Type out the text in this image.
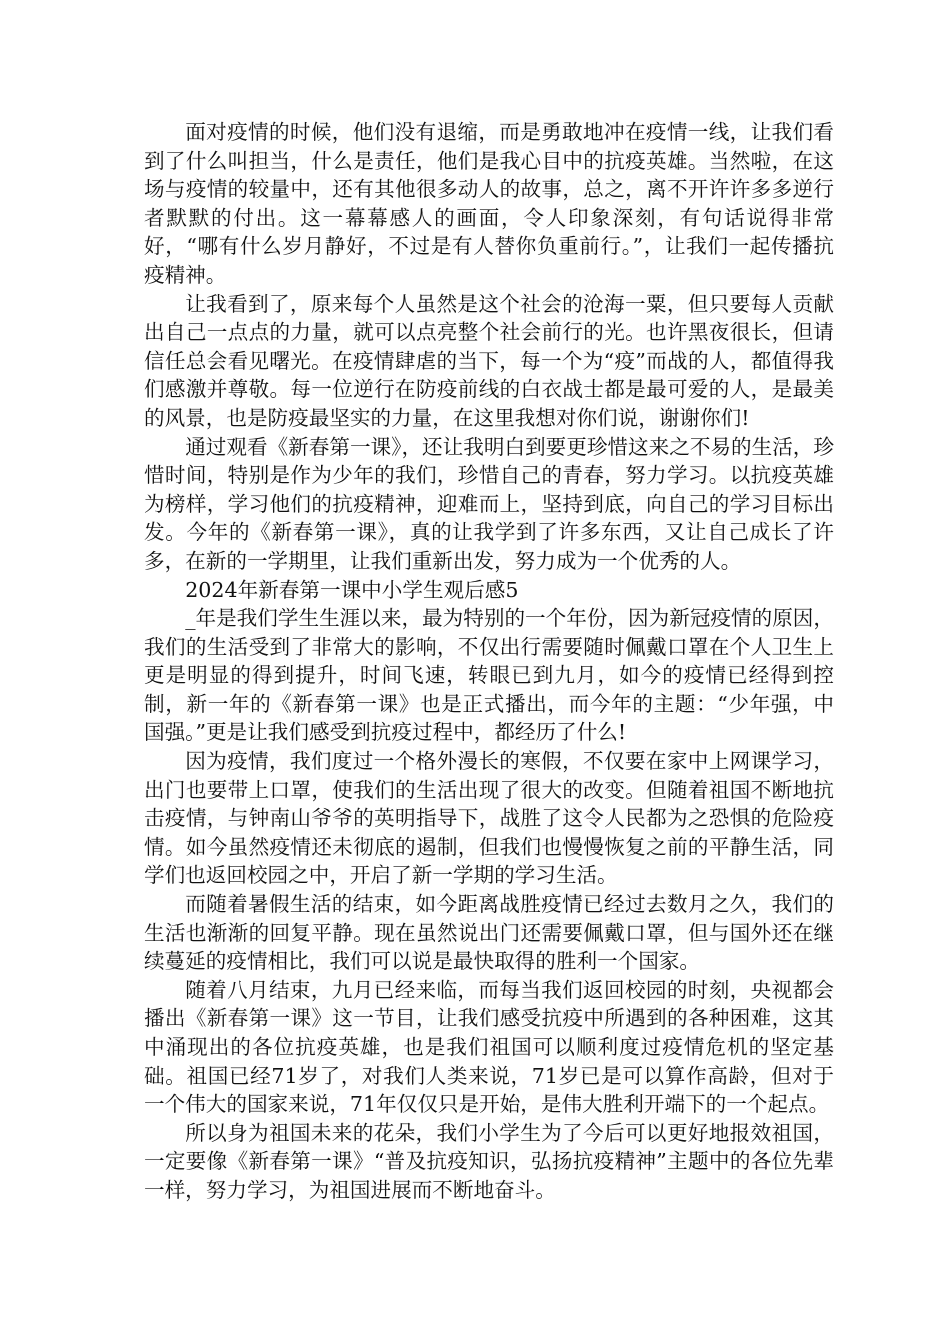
面对疫情的时候，他们没有退缩，而是勇敢地冲在疫情一线，让我们看到了什么叫担当，什么是责任，他们是我心目中的抗疫英雄。当然啦，在这场与疫情的较量中，还有其他很多动人的故事，总之，离不开许许多多逆行者默默的付出。这一幕幕感人的画面，令人印象深刻，有句话说得非常好，“哪有什么岁月静好，不过是有人替你负重前行。”，让我们一起传播抗疫精神。

让我看到了，原来每个人虽然是这个社会的沧海一粟，但只要每人贡献出自己一点点的力量，就可以点亮整个社会前行的光。也许黑夜很长，但请信任总会看见曙光。在疫情肆虐的当下，每一个为“疫”而战的人，都值得我们感激并尊敬。每一位逆行在防疫前线的白衣战士都是最可爱的人，是最美的风景，也是防疫最坚实的力量，在这里我想对你们说，谢谢你们!

通过观看《新春第一课》，还让我明白到要更珍惜这来之不易的生活，珍惜时间，特别是作为少年的我们，珍惜自己的青春，努力学习。以抗疫英雄为榜样，学习他们的抗疫精神，迎难而上，坚持到底，向自己的学习目标出发。今年的《新春第一课》，真的让我学到了许多东西，又让自己成长了许多，在新的一学期里，让我们重新出发，努力成为一个优秀的人。

2024年新春第一课中小学生观后感5

_年是我们学生生涯以来，最为特别的一个年份，因为新冠疫情的原因，我们的生活受到了非常大的影响，不仅出行需要随时佩戴口罩在个人卫生上更是明显的得到提升，时间飞速，转眼已到九月，如今的疫情已经得到控制，新一年的《新春第一课》也是正式播出，而今年的主题：“少年强，中国强。”更是让我们感受到抗疫过程中，都经历了什么!

因为疫情，我们度过一个格外漫长的寒假，不仅要在家中上网课学习，出门也要带上口罩，使我们的生活出现了很大的改变。但随着祖国不断地抗击疫情，与钟南山爷爷的英明指导下，战胜了这令人民都为之恐惧的危险疫情。如今虽然疫情还未彻底的遏制，但我们也慢慢恢复之前的平静生活，同学们也返回校园之中，开启了新一学期的学习生活。

而随着暑假生活的结束，如今距离战胜疫情已经过去数月之久，我们的生活也渐渐的回复平静。现在虽然说出门还需要佩戴口罩，但与国外还在继续蔓延的疫情相比，我们可以说是最快取得的胜利一个国家。

随着八月结束，九月已经来临，而每当我们返回校园的时刻，央视都会播出《新春第一课》这一节目，让我们感受抗疫中所遇到的各种困难，这其中涌现出的各位抗疫英雄，也是我们祖国可以顺利度过疫情危机的坚定基础。祖国已经71岁了，对我们人类来说，71岁已是可以算作高龄，但对于一个伟大的国家来说，71年仅仅只是开始，是伟大胜利开端下的一个起点。

所以身为祖国未来的花朵，我们小学生为了今后可以更好地报效祖国，一定要像《新春第一课》“普及抗疫知识，弘扬抗疫精神”主题中的各位先辈一样，努力学习，为祖国进展而不断地奋斗。
